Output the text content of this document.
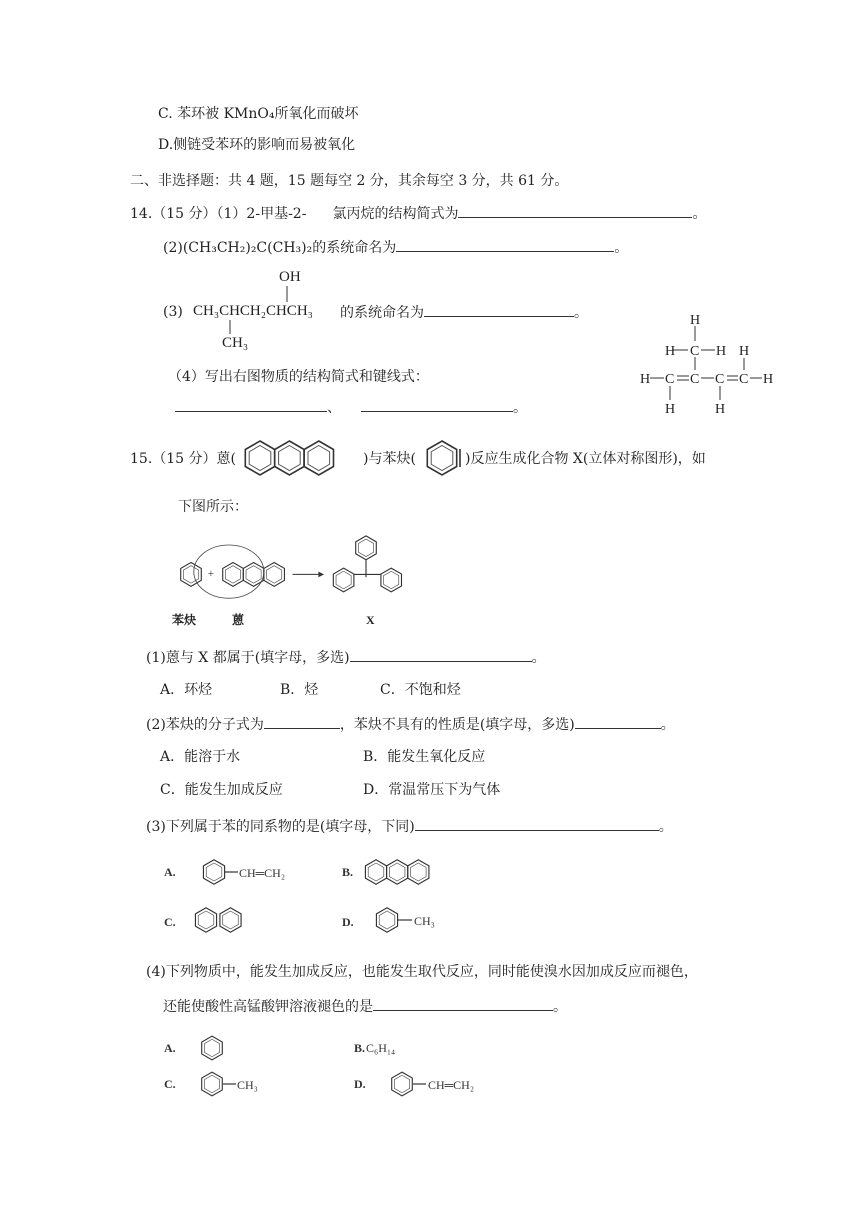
C. 苯环被 KMnO₄所氧化而破坏
D.侧链受苯环的影响而易被氧化
二、非选择题：共 4 题，15 题每空 2 分，其余每空 3 分，共 61 分。
14.（15 分）（1）2-甲基-2- 氯丙烷的结构简式为	。
(2)(CH₃CH₂)₂C(CH₃)₂的系统命名为	。
OH
(3) CH₃CHCH₂CHCH₃ 的系统命名为	。
CH₃
（4）写出右图物质的结构简式和键线式：
、	。
H
H C H H
H C C C C H
H	H
15.（15 分）蒽(	)与苯炔(	)反应生成化合物 X(立体对称图形)，如
下图所示：
+
苯炔	蒽	X
(1)蒽与 X 都属于(填字母，多选)	。
A．环烃	B．烃	C．不饱和烃
(2)苯炔的分子式为	，苯炔不具有的性质是(填字母，多选)	。
A．能溶于水	B．能发生氧化反应
C．能发生加成反应	D．常温常压下为气体
(3)下列属于苯的同系物的是(填字母，下同)	。
A.	B.
C.	D.
CH═CH₂
CH₃
(4)下列物质中，能发生加成反应，也能发生取代反应，同时能使溴水因加成反应而褪色，
还能使酸性高锰酸钾溶液褪色的是	。
A.	B.
C.	D.
C₆H₁₄
CH₃	CH═CH₂
